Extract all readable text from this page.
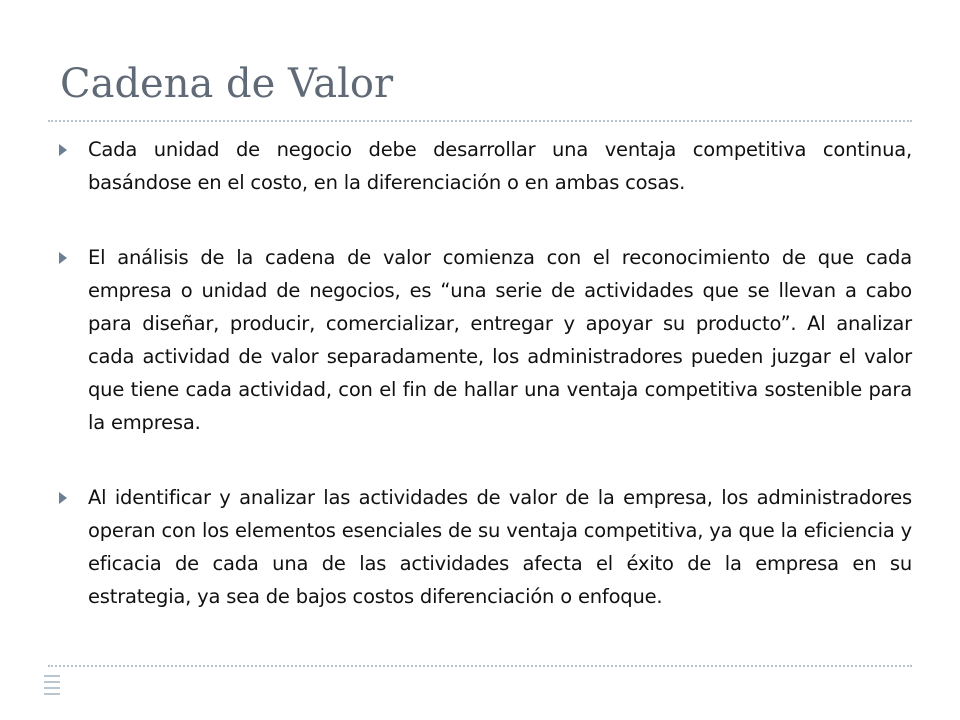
Cadena de Valor
Cada unidad de negocio debe desarrollar una ventaja competitiva continua, basándose en el costo, en la diferenciación o en ambas cosas.
El análisis de la cadena de valor comienza con el reconocimiento de que cada empresa o unidad de negocios, es “una serie de actividades que se llevan a cabo para diseñar, producir, comercializar, entregar y apoyar su producto”. Al analizar cada actividad de valor separadamente, los administradores pueden juzgar el valor que tiene cada actividad, con el fin de hallar una ventaja competitiva sostenible para la empresa.
Al identificar y analizar las actividades de valor de la empresa, los administradores operan con los elementos esenciales de su ventaja competitiva, ya que la eficiencia y eficacia de cada una de las actividades afecta el éxito de la empresa en su estrategia, ya sea de bajos costos diferenciación o enfoque.
